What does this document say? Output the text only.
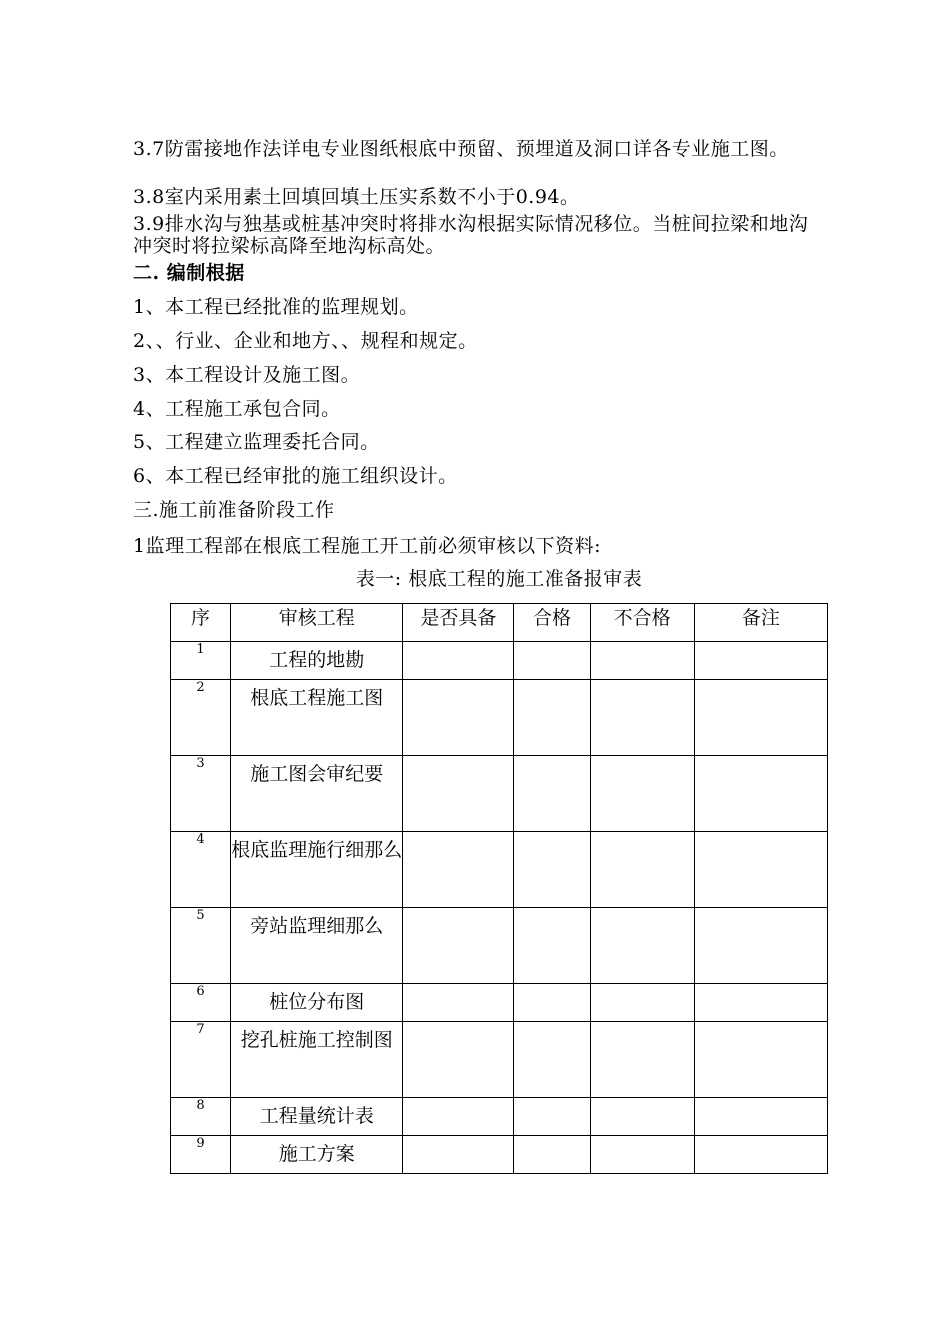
3.7防雷接地作法详电专业图纸根底中预留、预埋道及洞口详各专业施工图。
3.8室内采用素土回填回填土压实系数不小于0.94。
3.9排水沟与独基或桩基冲突时将排水沟根据实际情况移位。当桩间拉梁和地沟冲突时将拉梁标高降至地沟标高处。
二. 编制根据
1、本工程已经批准的监理规划。
2、、行业、企业和地方、、规程和规定。
3、本工程设计及施工图。
4、工程施工承包合同。
5、工程建立监理委托合同。
6、本工程已经审批的施工组织设计。
三.施工前准备阶段工作
1监理工程部在根底工程施工开工前必须审核以下资料:
表一: 根底工程的施工准备报审表
序	审核工程	是否具备	合格	不合格	备注
1	工程的地勘				
2	根底工程施工图				
3	施工图会审纪要				
4	根底监理施行细那么				
5	旁站监理细那么				
6	桩位分布图				
7	挖孔桩施工控制图				
8	工程量统计表				
9	施工方案				
